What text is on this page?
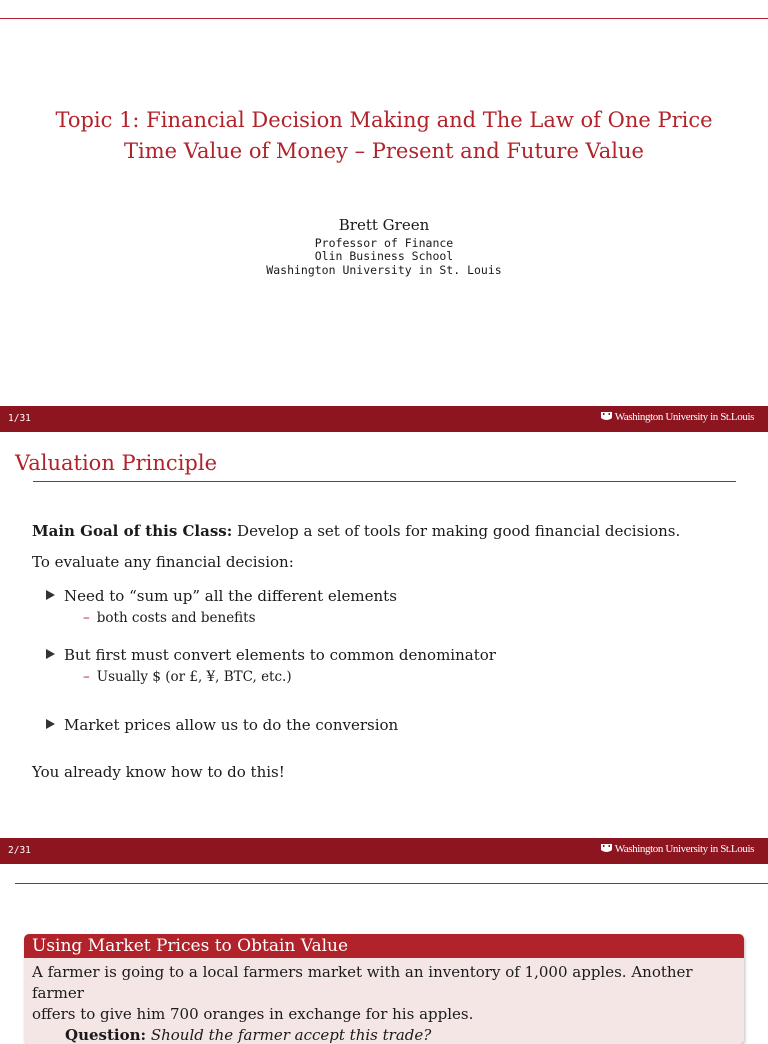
Topic 1: Financial Decision Making and The Law of One Price
Time Value of Money – Present and Future Value
Brett Green
Professor of Finance
Olin Business School
Washington University in St. Louis
1/31	Washington University in St.Louis
Valuation Principle
Main Goal of this Class: Develop a set of tools for making good financial decisions.
To evaluate any financial decision:
Need to “sum up” all the different elements
– both costs and benefits
But first must convert elements to common denominator
– Usually $ (or £, ¥, BTC, etc.)
Market prices allow us to do the conversion
You already know how to do this!
2/31	Washington University in St.Louis
Using Market Prices to Obtain Value
A farmer is going to a local farmers market with an inventory of 1,000 apples. Another farmer
offers to give him 700 oranges in exchange for his apples.
Question: Should the farmer accept this trade?
